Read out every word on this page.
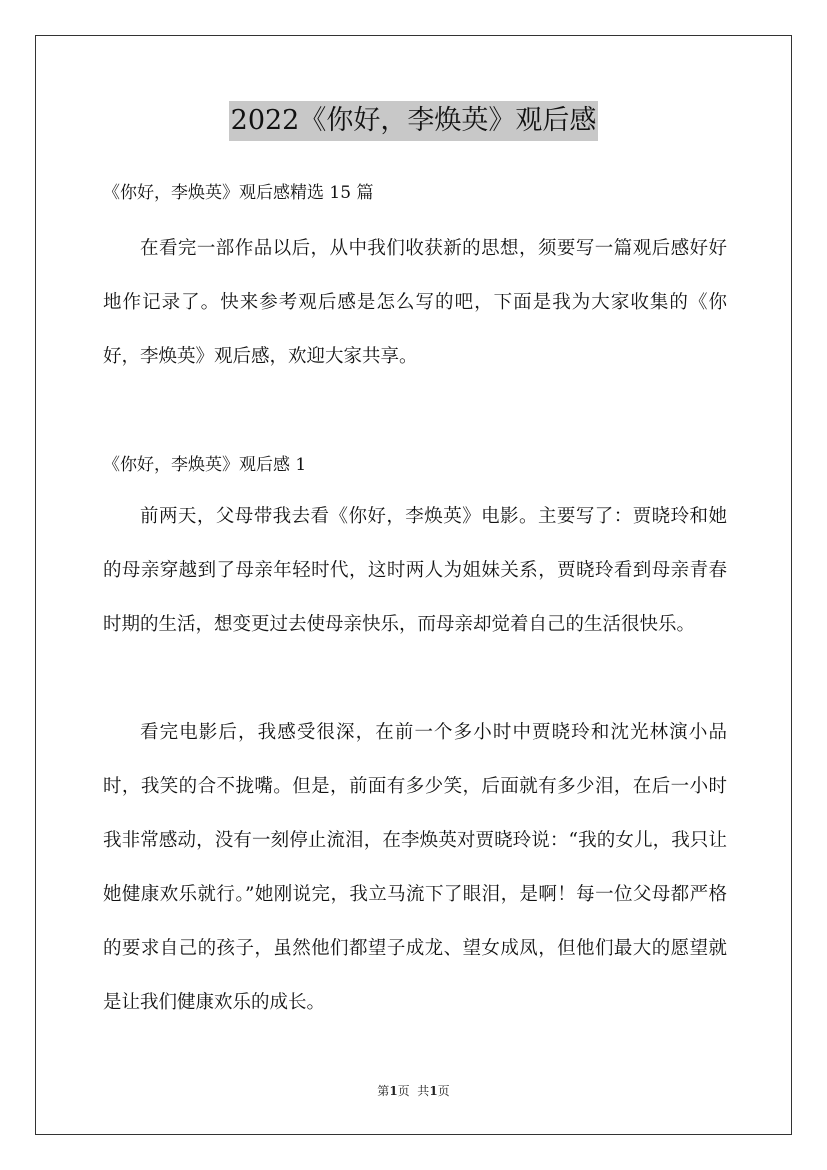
2022《你好，李焕英》观后感
《你好，李焕英》观后感精选 15 篇

在看完一部作品以后，从中我们收获新的思想，须要写一篇观后感好好地作记录了。快来参考观后感是怎么写的吧，下面是我为大家收集的《你好，李焕英》观后感，欢迎大家共享。

《你好，李焕英》观后感 1

前两天，父母带我去看《你好，李焕英》电影。主要写了：贾晓玲和她的母亲穿越到了母亲年轻时代，这时两人为姐妹关系，贾晓玲看到母亲青春时期的生活，想变更过去使母亲快乐，而母亲却觉着自己的生活很快乐。

看完电影后，我感受很深，在前一个多小时中贾晓玲和沈光林演小品时，我笑的合不拢嘴。但是，前面有多少笑，后面就有多少泪，在后一小时我非常感动，没有一刻停止流泪，在李焕英对贾晓玲说：“我的女儿，我只让她健康欢乐就行。”她刚说完，我立马流下了眼泪，是啊！每一位父母都严格的要求自己的孩子，虽然他们都望子成龙、望女成凤，但他们最大的愿望就是让我们健康欢乐的成长。

第1页  共1页
